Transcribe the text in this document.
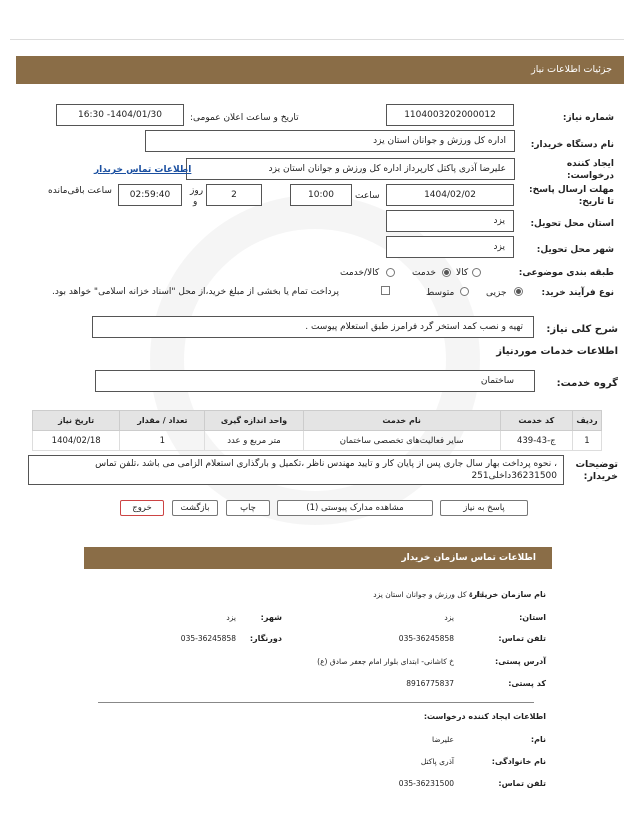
جزئیات اطلاعات نیاز
شماره نیاز:
1104003202000012
تاریخ و ساعت اعلان عمومی:
1404/01/30- 16:30
نام دستگاه خریدار:
اداره کل ورزش و جوانان استان یزد
ایجاد کننده درخواست:
علیرضا آذری پاکتل کارپرداز اداره کل ورزش و جوانان استان یزد
اطلاعات تماس خریدار
مهلت ارسال پاسخ: تا تاریخ:
1404/02/02
ساعت
10:00
2
روز
و
02:59:40
ساعت باقی‌مانده
استان محل تحویل:
یزد
شهر محل تحویل:
یزد
طبقه بندی موضوعی:
کالا
خدمت
کالا/خدمت
نوع فرآیند خرید:
جزیی
متوسط
پرداخت تمام یا بخشی از مبلغ خرید،از محل "اسناد خزانه اسلامی" خواهد بود.
شرح کلی نیاز:
تهیه و نصب کمد استخر گرد فرامرز طبق استعلام پیوست .
اطلاعات خدمات موردنیاز
گروه خدمت:
ساختمان
ردیف	کد خدمت	نام خدمت	واحد اندازه گیری	تعداد / مقدار	تاریخ نیاز
1	ج-43-439	سایر فعالیت‌های تخصصی ساختمان	متر مربع و عدد	1	1404/02/18
توضیحات خریدار:
، نحوه پرداخت بهار سال جاری پس از پایان کار و تایید مهندس ناظر ،تکمیل و بارگذاری استعلام الزامی می باشد ،تلفن تماس 36231500داخلی251
پاسخ به نیاز
مشاهده مدارک پیوستی (1)
چاپ
بازگشت
خروج
اطلاعات تماس سازمان خریدار
نام سازمان خریدار:
اداره کل ورزش و جوانان استان یزد
استان:
یزد
شهر:
یزد
تلفن تماس:
035-36245858
دورنگار:
035-36245858
آدرس پستی:
خ کاشانی- ابتدای بلوار امام جعفر صادق (ع)
کد پستی:
8916775837
اطلاعات ایجاد کننده درخواست:
نام:
علیرضا
نام خانوادگی:
آذری پاکتل
تلفن تماس:
035-36231500
